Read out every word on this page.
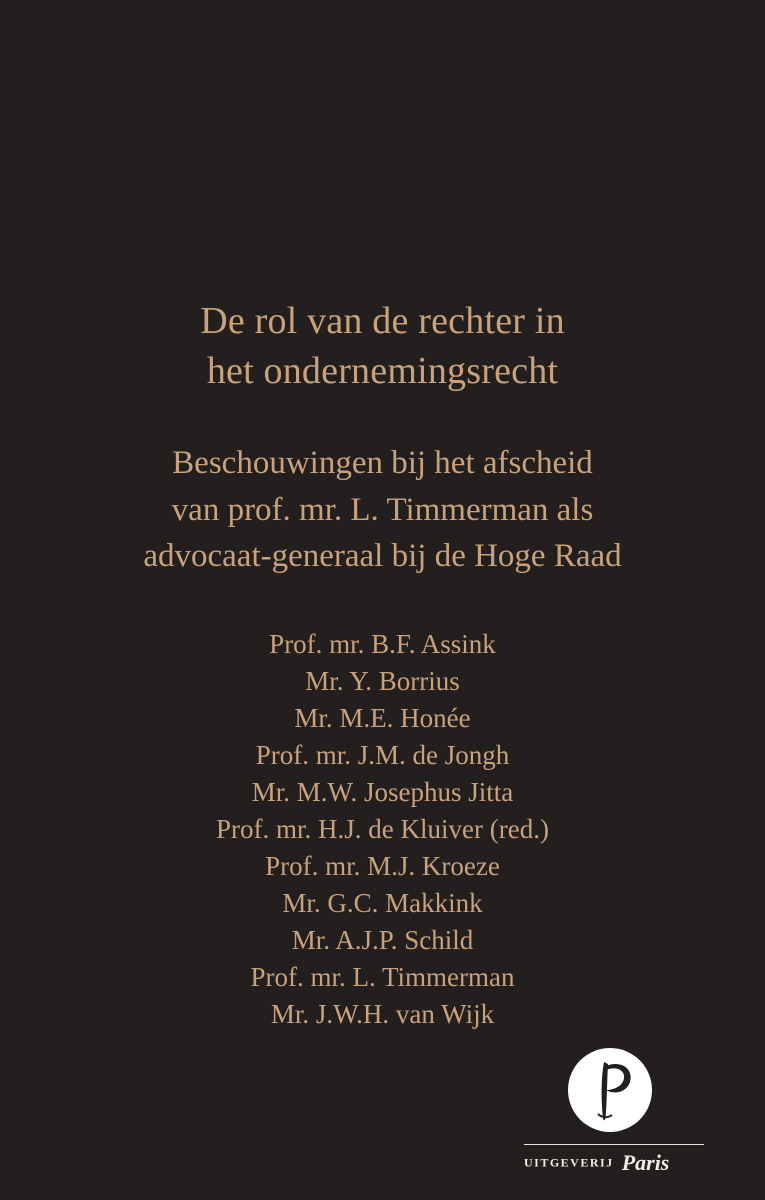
De rol van de rechter in
het ondernemingsrecht
Beschouwingen bij het afscheid
van prof. mr. L. Timmerman als
advocaat-generaal bij de Hoge Raad
Prof. mr. B.F. Assink
Mr. Y. Borrius
Mr. M.E. Honée
Prof. mr. J.M. de Jongh
Mr. M.W. Josephus Jitta
Prof. mr. H.J. de Kluiver (red.)
Prof. mr. M.J. Kroeze
Mr. G.C. Makkink
Mr. A.J.P. Schild
Prof. mr. L. Timmerman
Mr. J.W.H. van Wijk
UITGEVERIJ Paris
